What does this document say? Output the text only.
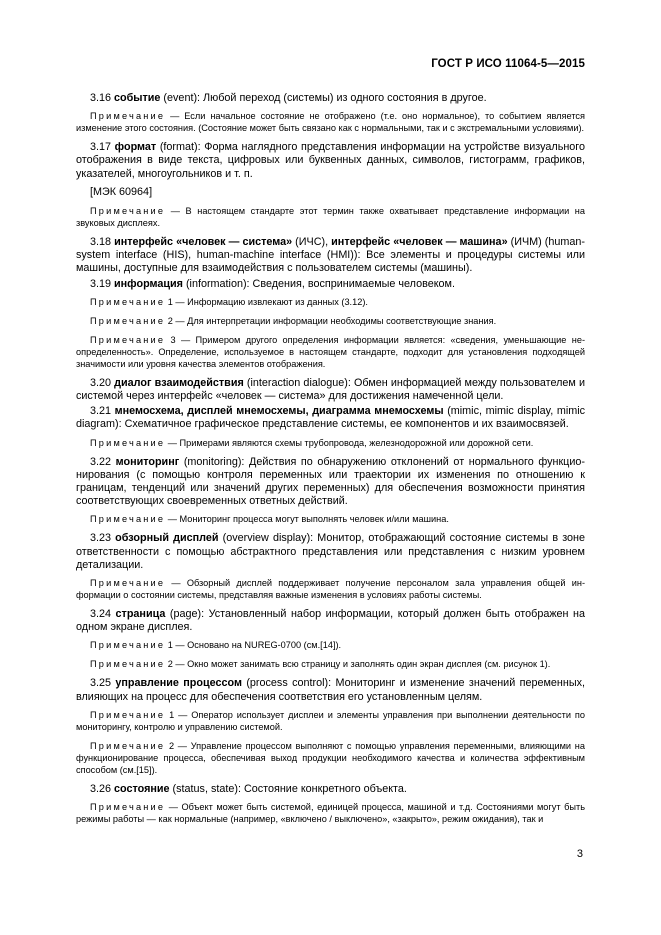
ГОСТ Р ИСО 11064-5—2015

3.16 событие (event): Любой переход (системы) из одного состояния в другое.

Примечание — Если начальное состояние не отображено (т.е. оно нормальное), то событием является изменение этого состояния. (Состояние может быть связано как с нормальными, так и с экстремальными условиями).

3.17 формат (format): Форма наглядного представления информации на устройстве визуального отображения в виде текста, цифровых или буквенных данных, символов, гистограмм, графиков, указателей, многоугольников и т. п.

[МЭК 60964]

Примечание — В настоящем стандарте этот термин также охватывает представление информации на звуковых дисплеях.

3.18 интерфейс «человек — система» (ИЧС), интерфейс «человек — машина» (ИЧМ) (human-system interface (HIS), human-machine interface (HMI)): Все элементы и процедуры системы или машины, доступные для взаимодействия с пользователем системы (машины).

3.19 информация (information): Сведения, воспринимаемые человеком.

Примечание 1 — Информацию извлекают из данных (3.12).

Примечание 2 — Для интерпретации информации необходимы соответствующие знания.

Примечание 3 — Примером другого определения информации является: «сведения, уменьшающие неопределенность». Определение, используемое в настоящем стандарте, подходит для установления подходящей значимости или уровня качества элементов отображения.

3.20 диалог взаимодействия (interaction dialogue): Обмен информацией между пользователем и системой через интерфейс «человек — система» для достижения намеченной цели.

3.21 мнемосхема, дисплей мнемосхемы, диаграмма мнемосхемы (mimic, mimic display, mimic diagram): Схематичное графическое представление системы, ее компонентов и их взаимосвязей.

Примечание — Примерами являются схемы трубопровода, железнодорожной или дорожной сети.

3.22 мониторинг (monitoring): Действия по обнаружению отклонений от нормального функционирования (с помощью контроля переменных или траектории их изменения по отношению к границам, тенденций или значений других переменных) для обеспечения возможности принятия соответствующих своевременных ответных действий.

Примечание — Мониторинг процесса могут выполнять человек и/или машина.

3.23 обзорный дисплей (overview display): Монитор, отображающий состояние системы в зоне ответственности с помощью абстрактного представления или представления с низким уровнем детализации.

Примечание — Обзорный дисплей поддерживает получение персоналом зала управления общей информации о состоянии системы, представляя важные изменения в условиях работы системы.

3.24 страница (page): Установленный набор информации, который должен быть отображен на одном экране дисплея.

Примечание 1 — Основано на NUREG-0700 (см.[14]).

Примечание 2 — Окно может занимать всю страницу и заполнять один экран дисплея (см. рисунок 1).

3.25 управление процессом (process control): Мониторинг и изменение значений переменных, влияющих на процесс для обеспечения соответствия его установленным целям.

Примечание 1 — Оператор использует дисплеи и элементы управления при выполнении деятельности по мониторингу, контролю и управлению системой.

Примечание 2 — Управление процессом выполняют с помощью управления переменными, влияющими на функционирование процесса, обеспечивая выход продукции необходимого качества и количества эффективным способом (см.[15]).

3.26 состояние (status, state): Состояние конкретного объекта.

Примечание — Объект может быть системой, единицей процесса, машиной и т.д. Состояниями могут быть режимы работы — как нормальные (например, «включено / выключено», «закрыто», режим ожидания), так и

3
